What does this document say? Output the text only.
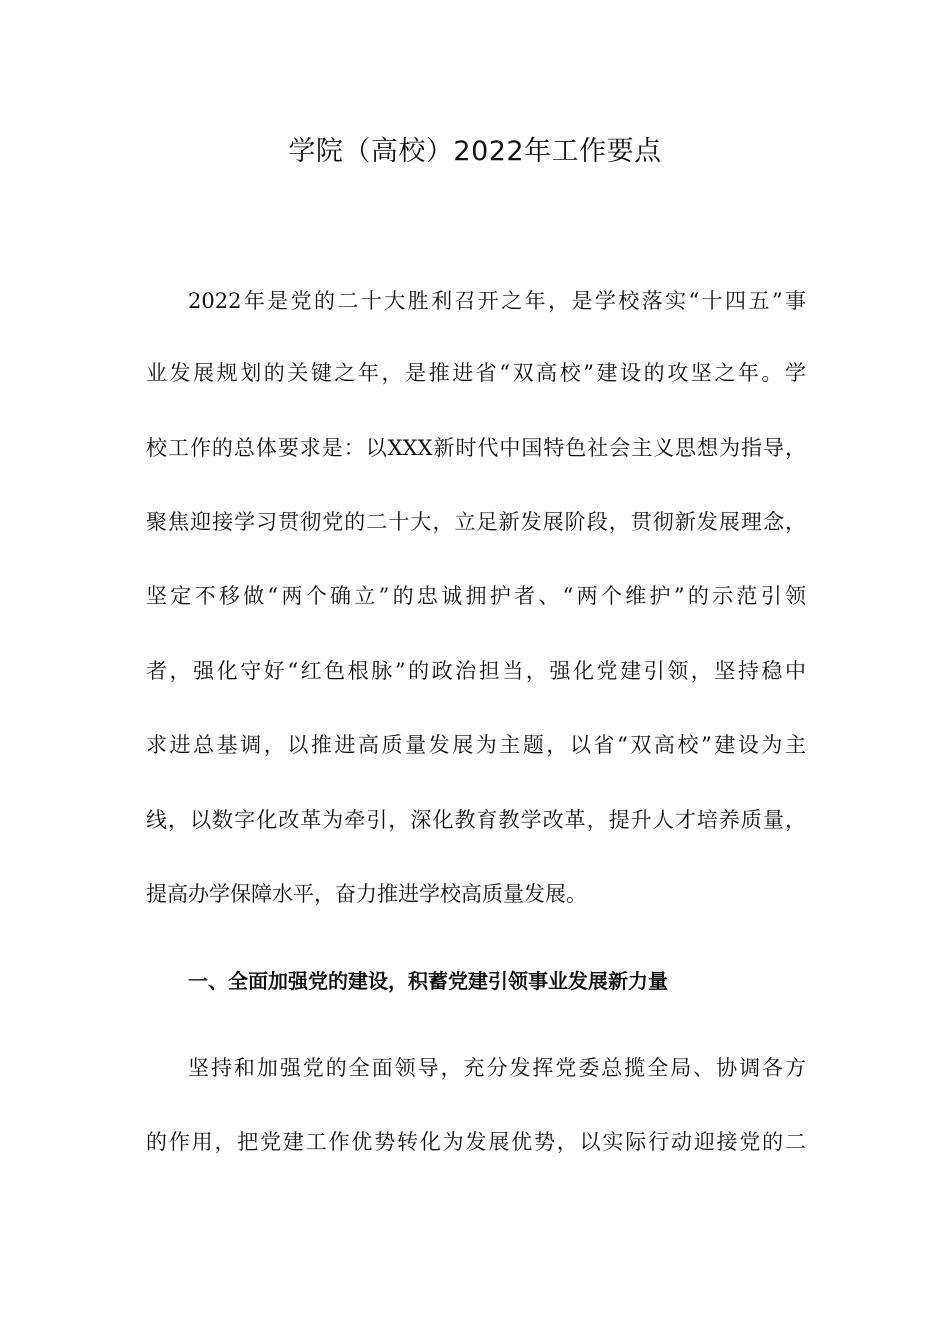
学院（高校）2022年工作要点
2022年是党的二十大胜利召开之年，是学校落实“十四五”事
业发展规划的关键之年，是推进省“双高校”建设的攻坚之年。学
校工作的总体要求是：以XXX新时代中国特色社会主义思想为指导，
聚焦迎接学习贯彻党的二十大，立足新发展阶段，贯彻新发展理念，
坚定不移做“两个确立”的忠诚拥护者、“两个维护”的示范引领
者，强化守好“红色根脉”的政治担当，强化党建引领，坚持稳中
求进总基调，以推进高质量发展为主题，以省“双高校”建设为主
线，以数字化改革为牵引，深化教育教学改革，提升人才培养质量，
提高办学保障水平，奋力推进学校高质量发展。
一、全面加强党的建设，积蓄党建引领事业发展新力量
坚持和加强党的全面领导，充分发挥党委总揽全局、协调各方
的作用，把党建工作优势转化为发展优势，以实际行动迎接党的二
